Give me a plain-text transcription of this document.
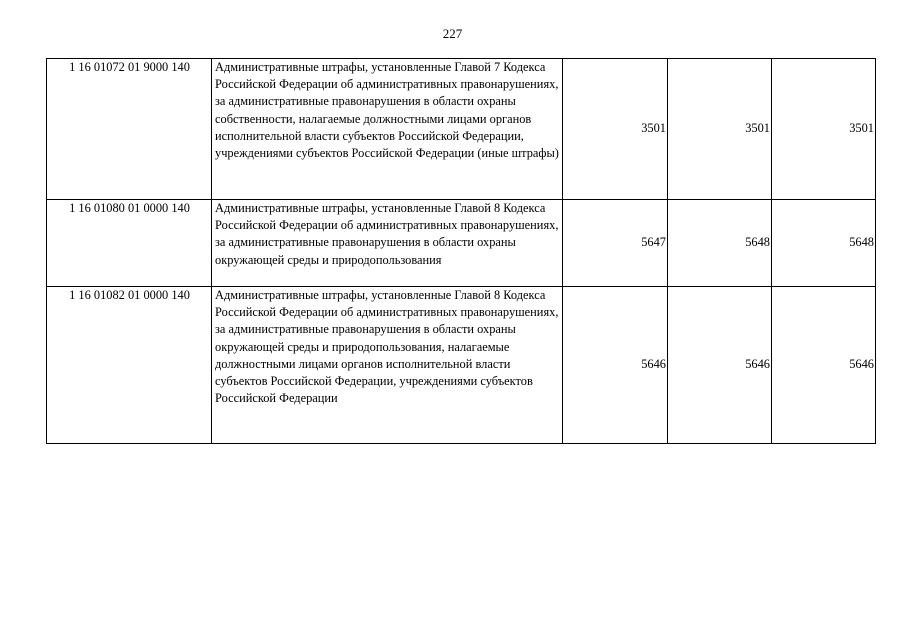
227
1 16 01072 01 9000 140	Административные штрафы, установленные Главой 7 Кодекса Российской Федерации об административных правонарушениях, за административные правонарушения в области охраны собственности, налагаемые должностными лицами органов исполнительной власти субъектов Российской Федерации, учреждениями субъектов Российской Федерации (иные штрафы)	3501	3501	3501
1 16 01080 01 0000 140	Административные штрафы, установленные Главой 8 Кодекса Российской Федерации об административных правонарушениях, за административные правонарушения в области охраны окружающей среды и природопользования	5647	5648	5648
1 16 01082 01 0000 140	Административные штрафы, установленные Главой 8 Кодекса Российской Федерации об административных правонарушениях, за административные правонарушения в области охраны окружающей среды и природопользования, налагаемые должностными лицами органов исполнительной власти субъектов Российской Федерации, учреждениями субъектов Российской Федерации	5646	5646	5646
